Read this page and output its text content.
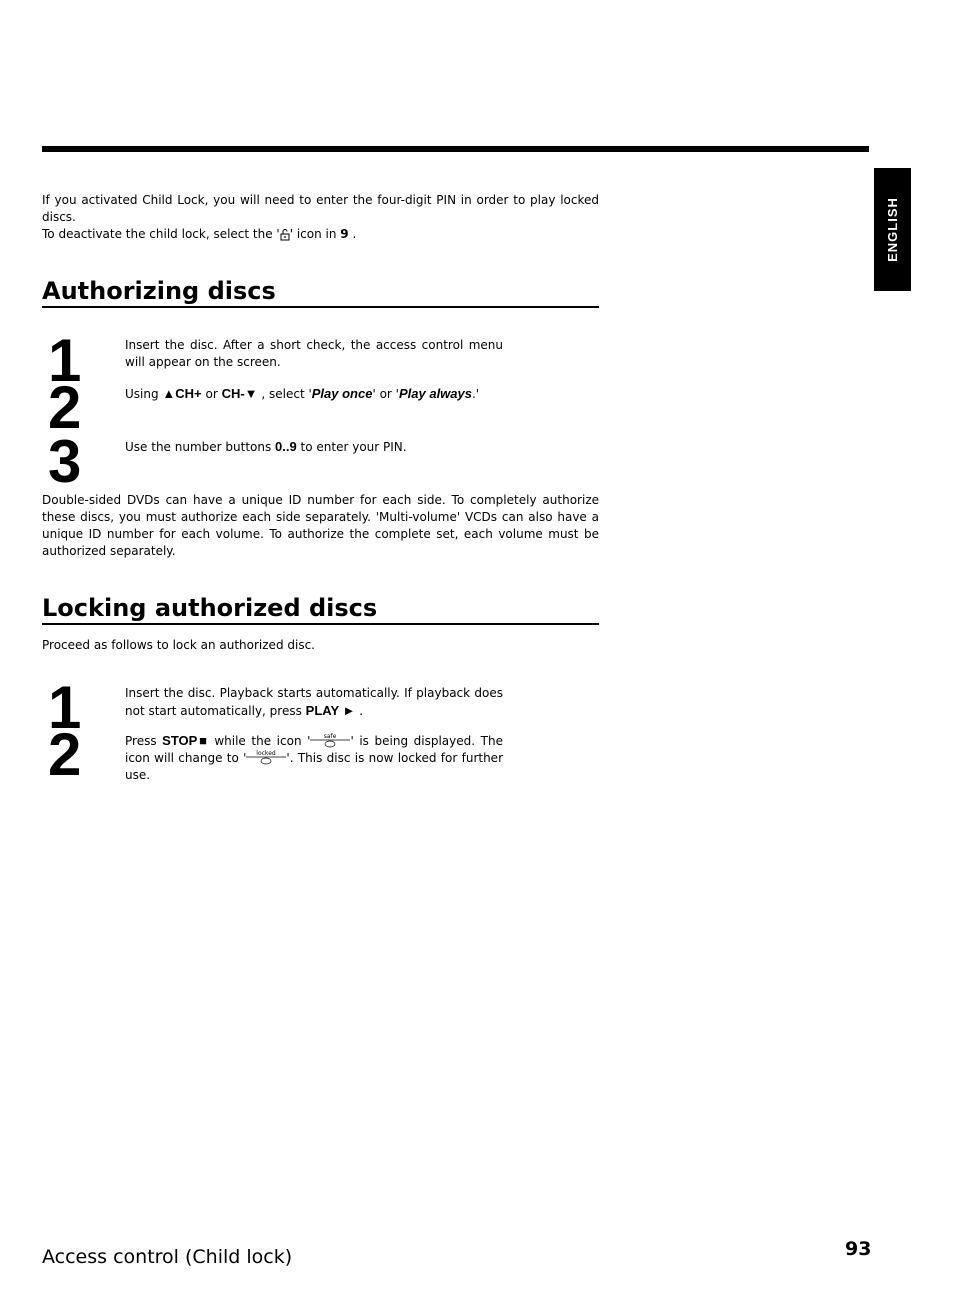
ENGLISH

If you activated Child Lock, you will need to enter the four-digit PIN in order to play locked discs.
To deactivate the child lock, select the ' ' icon in 9 .

Authorizing discs
1	Insert the disc. After a short check, the access control menu will appear on the screen.

2	Using ▲CH+ or CH-▼ , select 'Play once' or 'Play always.'

3	Use the number buttons 0..9 to enter your PIN.

Double-sided DVDs can have a unique ID number for each side. To completely authorize these discs, you must authorize each side separately. 'Multi-volume' VCDs can also have a unique ID number for each volume. To authorize the complete set, each volume must be authorized separately.

Locking authorized discs

Proceed as follows to lock an authorized disc.

1	Insert the disc. Playback starts automatically. If playback does not start automatically, press PLAY ► .

2	Press STOP■ while the icon ' safe ' is being displayed. The icon will change to ' locked '. This disc is now locked for further use.

Access control (Child lock)	93
